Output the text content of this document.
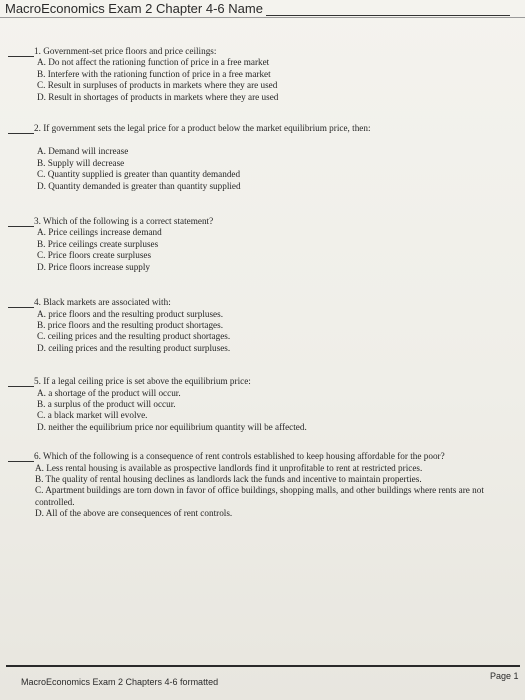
MacroEconomics Exam 2 Chapter 4-6 Name
1. Government-set price floors and price ceilings:
A. Do not affect the rationing function of price in a free market
B. Interfere with the rationing function of price in a free market
C. Result in surpluses of products in markets where they are used
D. Result in shortages of products in markets where they are used
2. If government sets the legal price for a product below the market equilibrium price, then:
A. Demand will increase
B. Supply will decrease
C. Quantity supplied is greater than quantity demanded
D. Quantity demanded is greater than quantity supplied
3. Which of the following is a correct statement?
A. Price ceilings increase demand
B. Price ceilings create surpluses
C. Price floors create surpluses
D. Price floors increase supply
4. Black markets are associated with:
A. price floors and the resulting product surpluses.
B. price floors and the resulting product shortages.
C. ceiling prices and the resulting product shortages.
D. ceiling prices and the resulting product surpluses.
5. If a legal ceiling price is set above the equilibrium price:
A. a shortage of the product will occur.
B. a surplus of the product will occur.
C. a black market will evolve.
D. neither the equilibrium price nor equilibrium quantity will be affected.
6. Which of the following is a consequence of rent controls established to keep housing affordable for the poor?
A. Less rental housing is available as prospective landlords find it unprofitable to rent at restricted prices.
B. The quality of rental housing declines as landlords lack the funds and incentive to maintain properties.
C. Apartment buildings are torn down in favor of office buildings, shopping malls, and other buildings where rents are not controlled.
D. All of the above are consequences of rent controls.
MacroEconomics Exam 2 Chapters 4-6 formatted
Page 1
